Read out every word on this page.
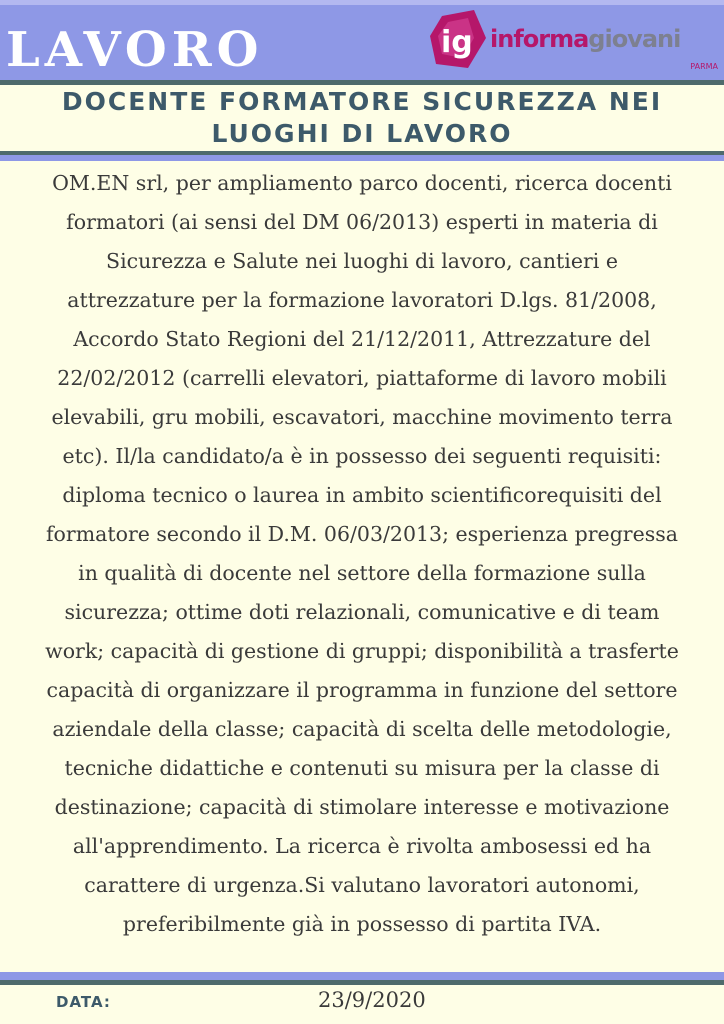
LAVORO	ig informagiovani
PARMA
DOCENTE FORMATORE SICUREZZA NEI
LUOGHI DI LAVORO
OM.EN srl, per ampliamento parco docenti, ricerca docenti
formatori (ai sensi del DM 06/2013) esperti in materia di
Sicurezza e Salute nei luoghi di lavoro, cantieri e
attrezzature per la formazione lavoratori D.lgs. 81/2008,
Accordo Stato Regioni del 21/12/2011, Attrezzature del
22/02/2012 (carrelli elevatori, piattaforme di lavoro mobili
elevabili, gru mobili, escavatori, macchine movimento terra
etc). Il/la candidato/a è in possesso dei seguenti requisiti:
diploma tecnico o laurea in ambito scientificorequisiti del
formatore secondo il D.M. 06/03/2013; esperienza pregressa
in qualità di docente nel settore della formazione sulla
sicurezza; ottime doti relazionali, comunicative e di team
work; capacità di gestione di gruppi; disponibilità a trasferte
capacità di organizzare il programma in funzione del settore
aziendale della classe; capacità di scelta delle metodologie,
tecniche didattiche e contenuti su misura per la classe di
destinazione; capacità di stimolare interesse e motivazione
all'apprendimento. La ricerca è rivolta ambosessi ed ha
carattere di urgenza.Si valutano lavoratori autonomi,
preferibilmente già in possesso di partita IVA.
DATA:	23/9/2020
